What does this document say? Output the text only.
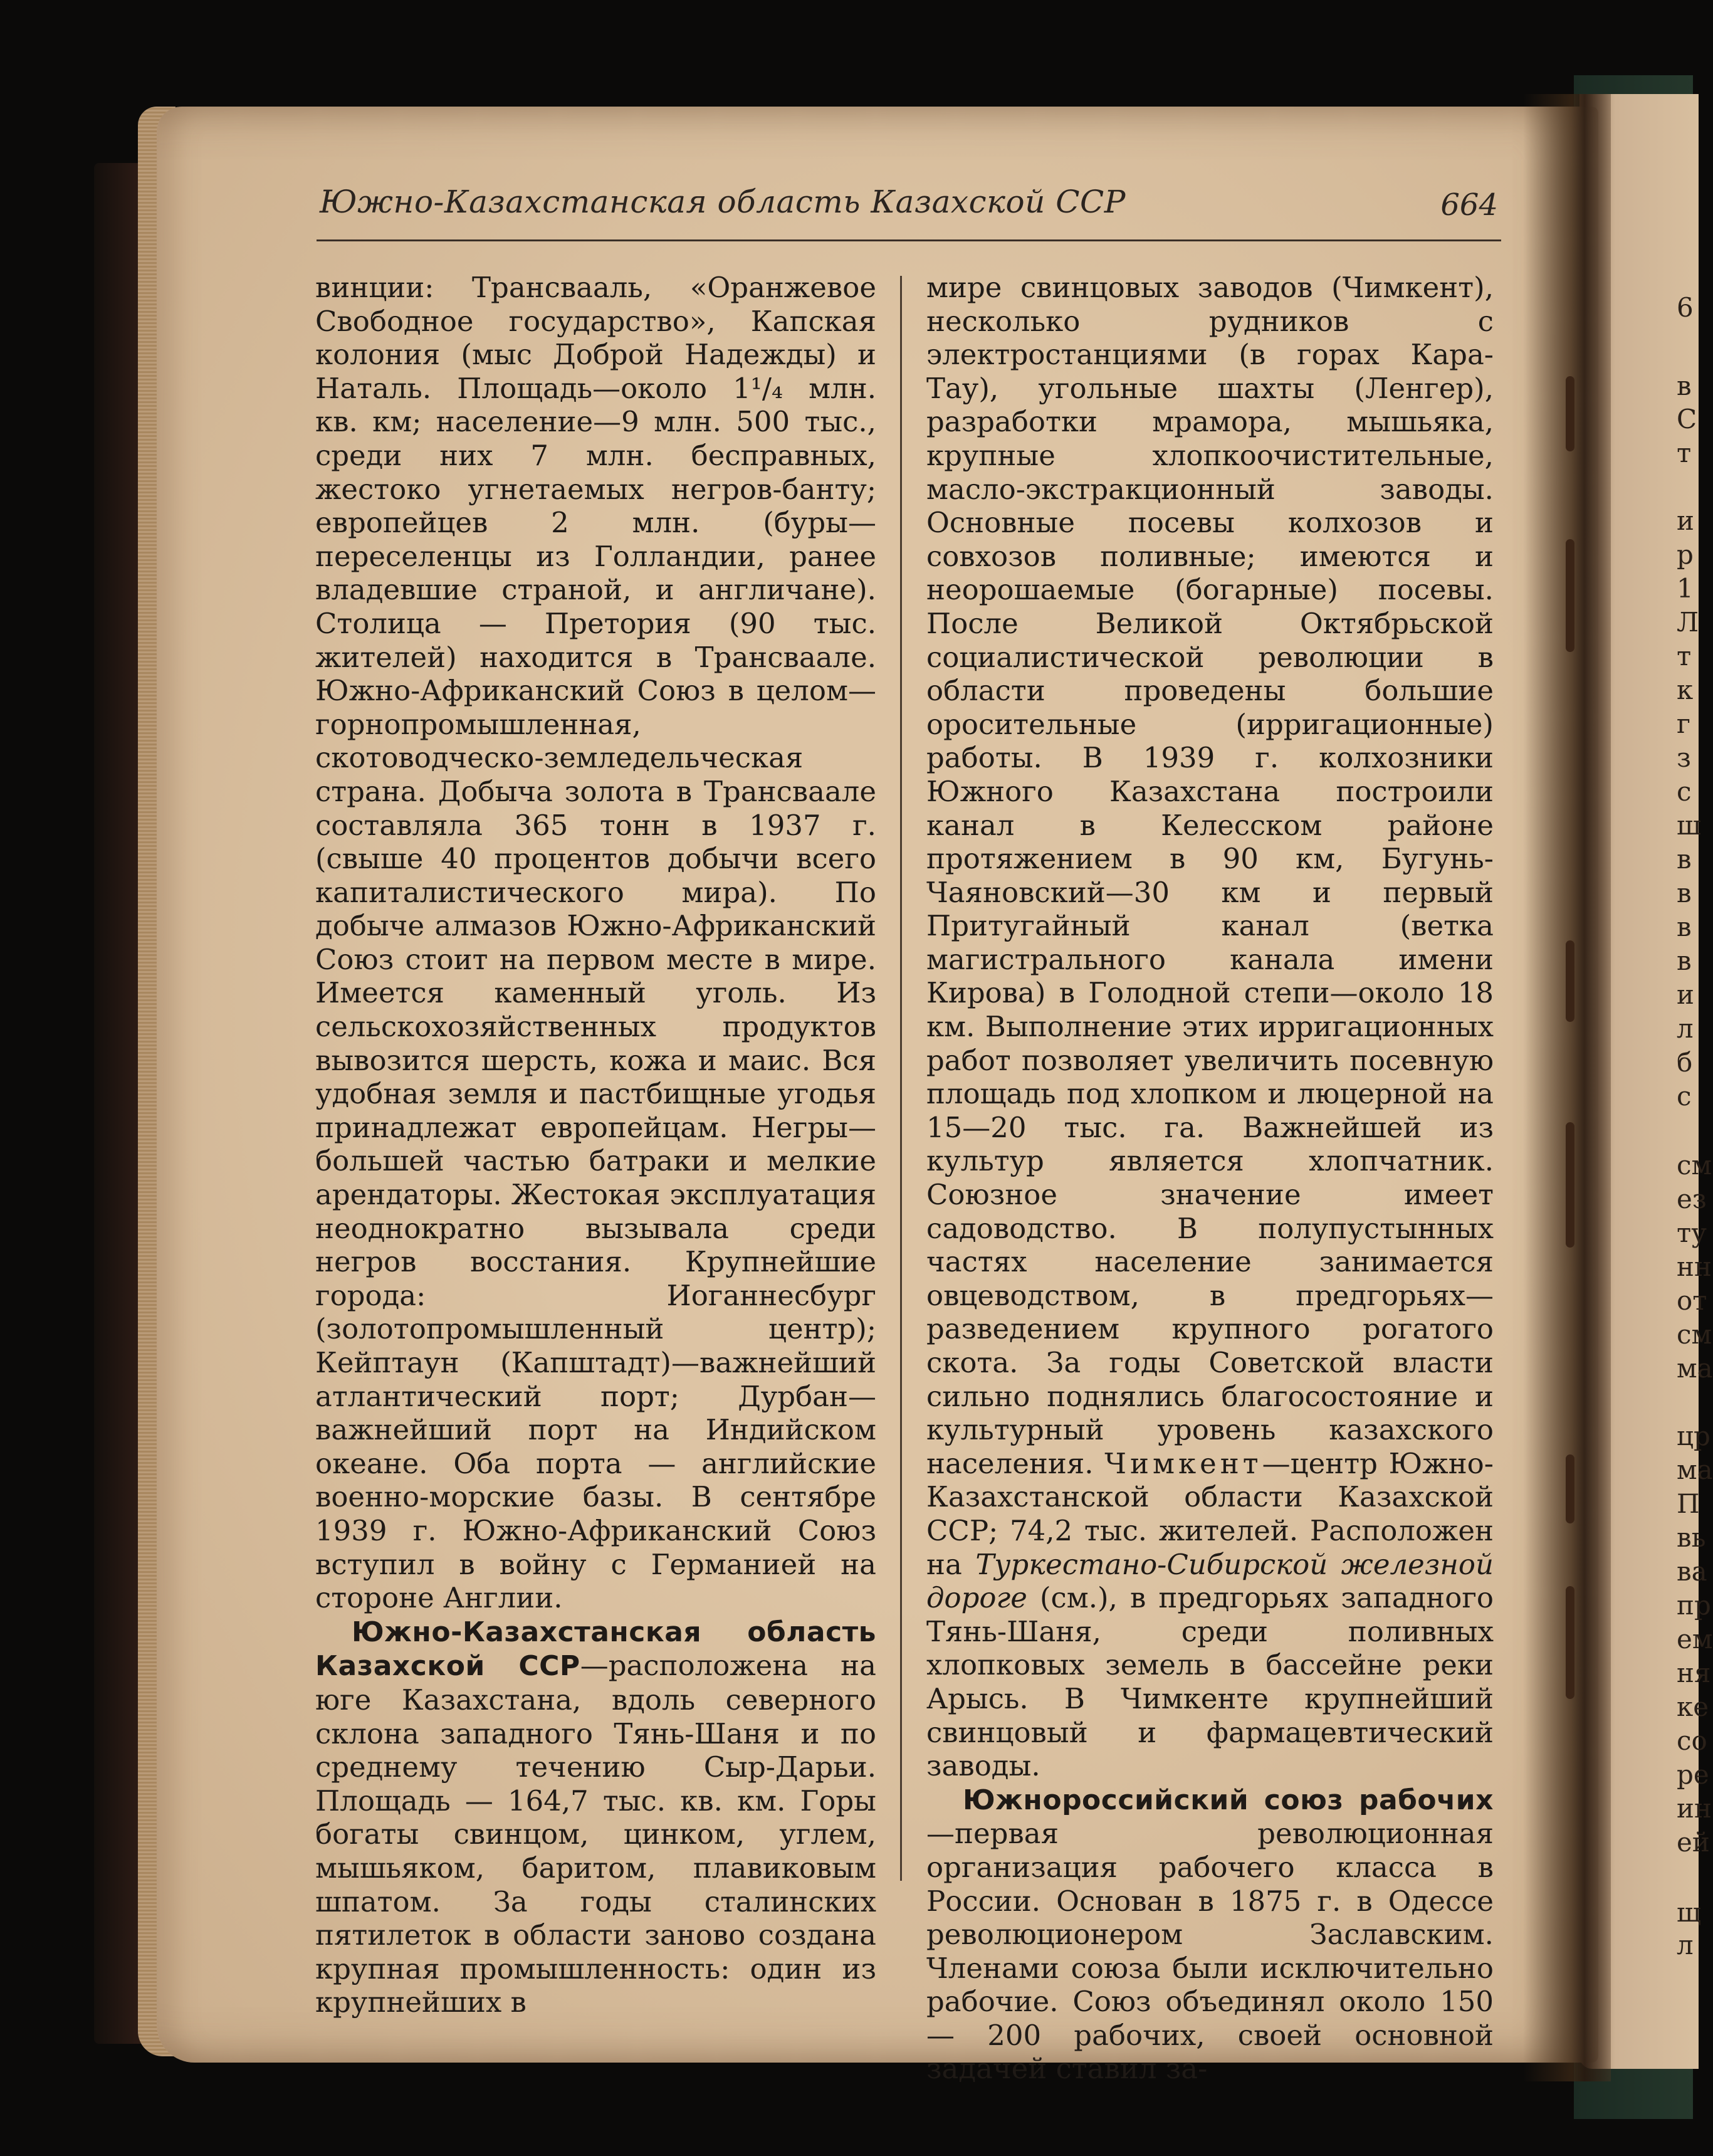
6
в
С
т
и
р
1
Л
т
к
г
з
с
ш
в
в
в
в
и
л
б
с
см
ез
ту
нн
от
см
ма
цр
ма
П
вь
ва
пр
ем
ня
ке
со
ре
ин
ей
щ
л
Южно-Казахстанская область Казахской ССР	664

винции: Трансвааль, «Оранжевое Свободное государство», Капская колония (мыс Доброй Надежды) и Наталь. Площадь—около 1¹/₄ млн. кв. км; население—9 млн. 500 тыс., среди них 7 млн. бесправных, жестоко угнетаемых негров-банту; европейцев 2 млн. (буры—переселенцы из Голландии, ранее владевшие страной, и англичане). Столица — Претория (90 тыс. жителей) находится в Трансваале. Южно-Африканский Союз в целом—горнопромышленная, скотоводческо-земледельческая страна. Добыча золота в Трансваале составляла 365 тонн в 1937 г. (свыше 40 процентов добычи всего капиталистического мира). По добыче алмазов Южно-Африканский Союз стоит на первом месте в мире. Имеется каменный уголь. Из сельскохозяйственных продуктов вывозится шерсть, кожа и маис. Вся удобная земля и пастбищные угодья принадлежат европейцам. Негры—большей частью батраки и мелкие арендаторы. Жестокая эксплуатация неоднократно вызывала среди негров восстания. Крупнейшие города: Иоганнесбург (золотопромышленный центр); Кейптаун (Капштадт)—важнейший атлантический порт; Дурбан—важнейший порт на Индийском океане. Оба порта — английские военно-морские базы. В сентябре 1939 г. Южно-Африканский Союз вступил в войну с Германией на стороне Англии.

Южно-Казахстанская область Казахской ССР—расположена на юге Казахстана, вдоль северного склона западного Тянь-Шаня и по среднему течению Сыр-Дарьи. Площадь — 164,7 тыс. кв. км. Горы богаты свинцом, цинком, углем, мышьяком, баритом, плавиковым шпатом. За годы сталинских пятилеток в области заново создана крупная промышленность: один из крупнейших в

мире свинцовых заводов (Чимкент), несколько рудников с электростанциями (в горах Кара-Тау), угольные шахты (Ленгер), разработки мрамора, мышьяка, крупные хлопкоочистительные, масло-экстракционный заводы. Основные посевы колхозов и совхозов поливные; имеются и неорошаемые (богарные) посевы. После Великой Октябрьской социалистической революции в области проведены большие оросительные (ирригационные) работы. В 1939 г. колхозники Южного Казахстана построили канал в Келесском районе протяжением в 90 км, Бугунь-Чаяновский—30 км и первый Притугайный канал (ветка магистрального канала имени Кирова) в Голодной степи—около 18 км. Выполнение этих ирригационных работ позволяет увеличить посевную площадь под хлопком и люцерной на 15—20 тыс. га. Важнейшей из культур является хлопчатник. Союзное значение имеет садоводство. В полупустынных частях население занимается овцеводством, в предгорьях—разведением крупного рогатого скота. За годы Советской власти сильно поднялись благосостояние и культурный уровень казахского населения. Чимкент—центр Южно-Казахстанской области Казахской ССР; 74,2 тыс. жителей. Расположен на Туркестано-Сибирской железной дороге (см.), в предгорьях западного Тянь-Шаня, среди поливных хлопковых земель в бассейне реки Арысь. В Чимкенте крупнейший свинцовый и фармацевтический заводы.

Южнороссийский союз рабочих—первая революционная организация рабочего класса в России. Основан в 1875 г. в Одессе революционером Заславским. Членами союза были исключительно рабочие. Союз объединял около 150 — 200 рабочих, своей основной задачей ставил за-
